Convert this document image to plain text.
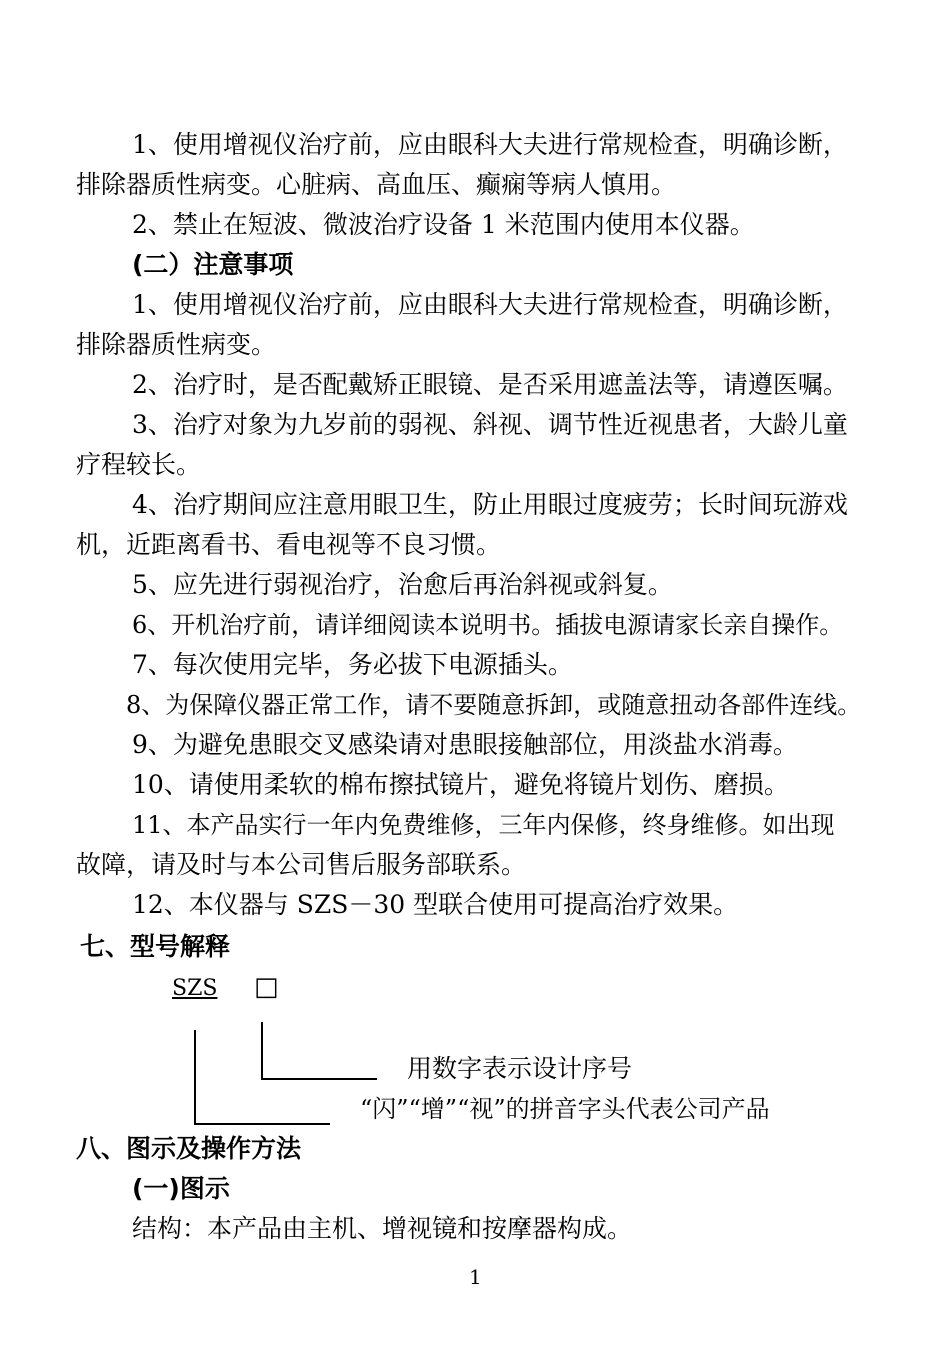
1、使用增视仪治疗前，应由眼科大夫进行常规检查，明确诊断，
排除器质性病变。心脏病、高血压、癫痫等病人慎用。
2、禁止在短波、微波治疗设备 1 米范围内使用本仪器。
(二）注意事项
1、使用增视仪治疗前，应由眼科大夫进行常规检查，明确诊断，
排除器质性病变。
2、治疗时，是否配戴矫正眼镜、是否采用遮盖法等，请遵医嘱。
3、治疗对象为九岁前的弱视、斜视、调节性近视患者，大龄儿童
疗程较长。
4、治疗期间应注意用眼卫生，防止用眼过度疲劳；长时间玩游戏
机，近距离看书、看电视等不良习惯。
5、应先进行弱视治疗，治愈后再治斜视或斜复。
6、开机治疗前，请详细阅读本说明书。插拔电源请家长亲自操作。
7、每次使用完毕，务必拔下电源插头。
8、为保障仪器正常工作，请不要随意拆卸，或随意扭动各部件连线。
9、为避免患眼交叉感染请对患眼接触部位，用淡盐水消毒。
10、请使用柔软的棉布擦拭镜片，避免将镜片划伤、磨损。
11、本产品实行一年内免费维修，三年内保修，终身维修。如出现
故障，请及时与本公司售后服务部联系。
12、本仪器与 SZS－30 型联合使用可提高治疗效果。
七、型号解释
SZS □
用数字表示设计序号
“闪”“增”“视”的拼音字头代表公司产品
八、图示及操作方法
(一)图示
结构：本产品由主机、增视镜和按摩器构成。
1
